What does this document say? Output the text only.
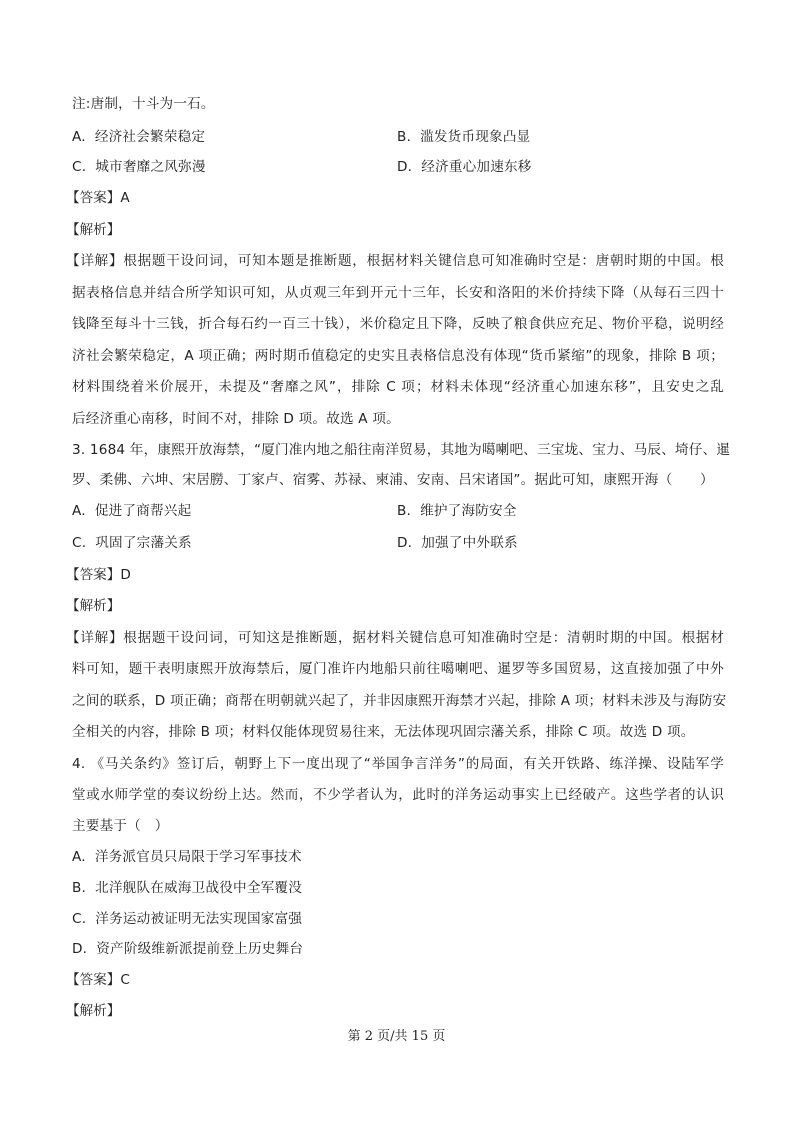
注:唐制，十斗为一石。
A. 经济社会繁荣稳定	B. 滥发货币现象凸显
C. 城市奢靡之风弥漫	D. 经济重心加速东移
【答案】A
【解析】
【详解】根据题干设问词，可知本题是推断题，根据材料关键信息可知准确时空是：唐朝时期的中国。根
据表格信息并结合所学知识可知，从贞观三年到开元十三年，长安和洛阳的米价持续下降（从每石三四十
钱降至每斗十三钱，折合每石约一百三十钱），米价稳定且下降，反映了粮食供应充足、物价平稳，说明经
济社会繁荣稳定，A 项正确；两时期币值稳定的史实且表格信息没有体现“货币紧缩”的现象，排除 B 项；
材料围绕着米价展开，未提及“奢靡之风”，排除 C 项；材料未体现“经济重心加速东移”，且安史之乱
后经济重心南移，时间不对，排除 D 项。故选 A 项。
3. 1684 年，康熙开放海禁，“厦门准内地之船往南洋贸易，其地为噶喇吧、三宝垅、宝力、马辰、埼仔、暹
罗、柔佛、六坤、宋居朥、丁家卢、宿雾、苏禄、柬浦、安南、吕宋诸国”。据此可知，康熙开海（　　）
A. 促进了商帮兴起	B. 维护了海防安全
C. 巩固了宗藩关系	D. 加强了中外联系
【答案】D
【解析】
【详解】根据题干设问词，可知这是推断题，据材料关键信息可知准确时空是：清朝时期的中国。根据材
料可知，题干表明康熙开放海禁后，厦门准许内地船只前往噶喇吧、暹罗等多国贸易，这直接加强了中外
之间的联系，D 项正确；商帮在明朝就兴起了，并非因康熙开海禁才兴起，排除 A 项；材料未涉及与海防安
全相关的内容，排除 B 项；材料仅能体现贸易往来，无法体现巩固宗藩关系，排除 C 项。故选 D 项。
4. 《马关条约》签订后，朝野上下一度出现了“举国争言洋务”的局面，有关开铁路、练洋操、设陆军学
堂或水师学堂的奏议纷纷上达。然而，不少学者认为，此时的洋务运动事实上已经破产。这些学者的认识
主要基于（　）
A. 洋务派官员只局限于学习军事技术
B. 北洋舰队在威海卫战役中全军覆没
C. 洋务运动被证明无法实现国家富强
D. 资产阶级维新派提前登上历史舞台
【答案】C
【解析】
第 2 页/共 15 页
